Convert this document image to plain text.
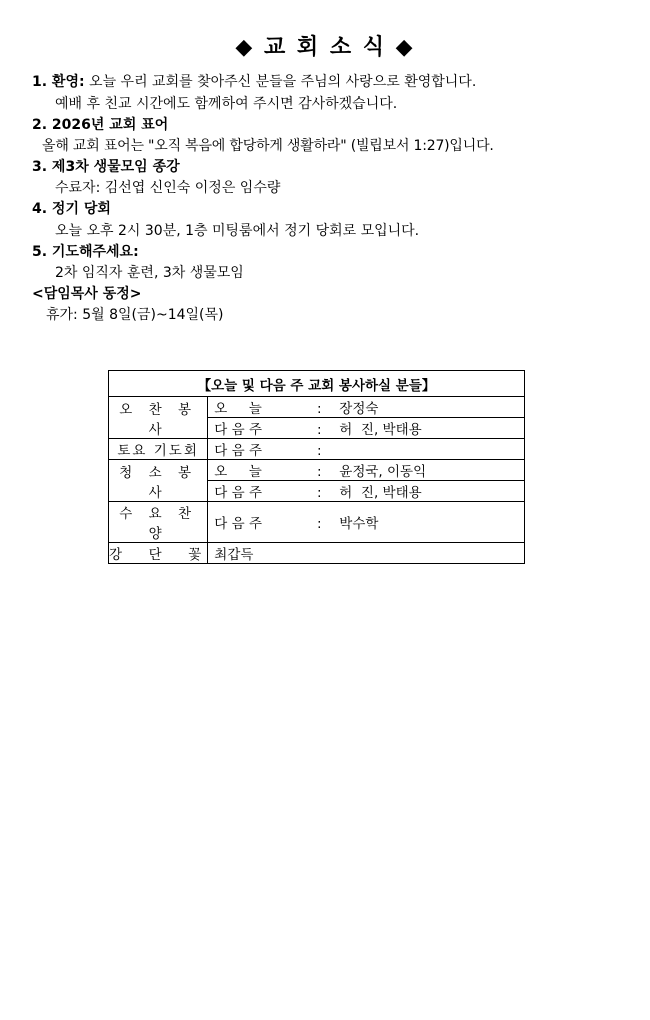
◆ 교 회 소 식 ◆
1. 환영: 오늘 우리 교회를 찾아주신 분들을 주님의 사랑으로 환영합니다.
예배 후 친교 시간에도 함께하여 주시면 감사하겠습니다.
2. 2026년 교회 표어
올해 교회 표어는 "오직 복음에 합당하게 생활하라" (빌립보서 1:27)입니다.
3. 제3차 생물모임 종강
수료자: 김선엽 신인숙 이정은 임수량
4. 정기 당회
오늘 오후 2시 30분, 1층 미팅룸에서 정기 당회로 모입니다.
5. 기도해주세요:
2차 임직자 훈련, 3차 생물모임
<담임목사 동정>
휴가: 5월 8일(금)~14일(목)
【오늘 및 다음 주 교회 봉사하실 분들】	
오 찬 봉 사	오     늘 : 장정숙
	다 음 주 : 허  진, 박태용
토요 기도회	다 음 주 :
청 소 봉 사	오     늘 : 윤정국, 이동익
	다 음 주 : 허  진, 박태용
수 요 찬 양	다 음 주 : 박수학
강  단  꽃	최갑득
